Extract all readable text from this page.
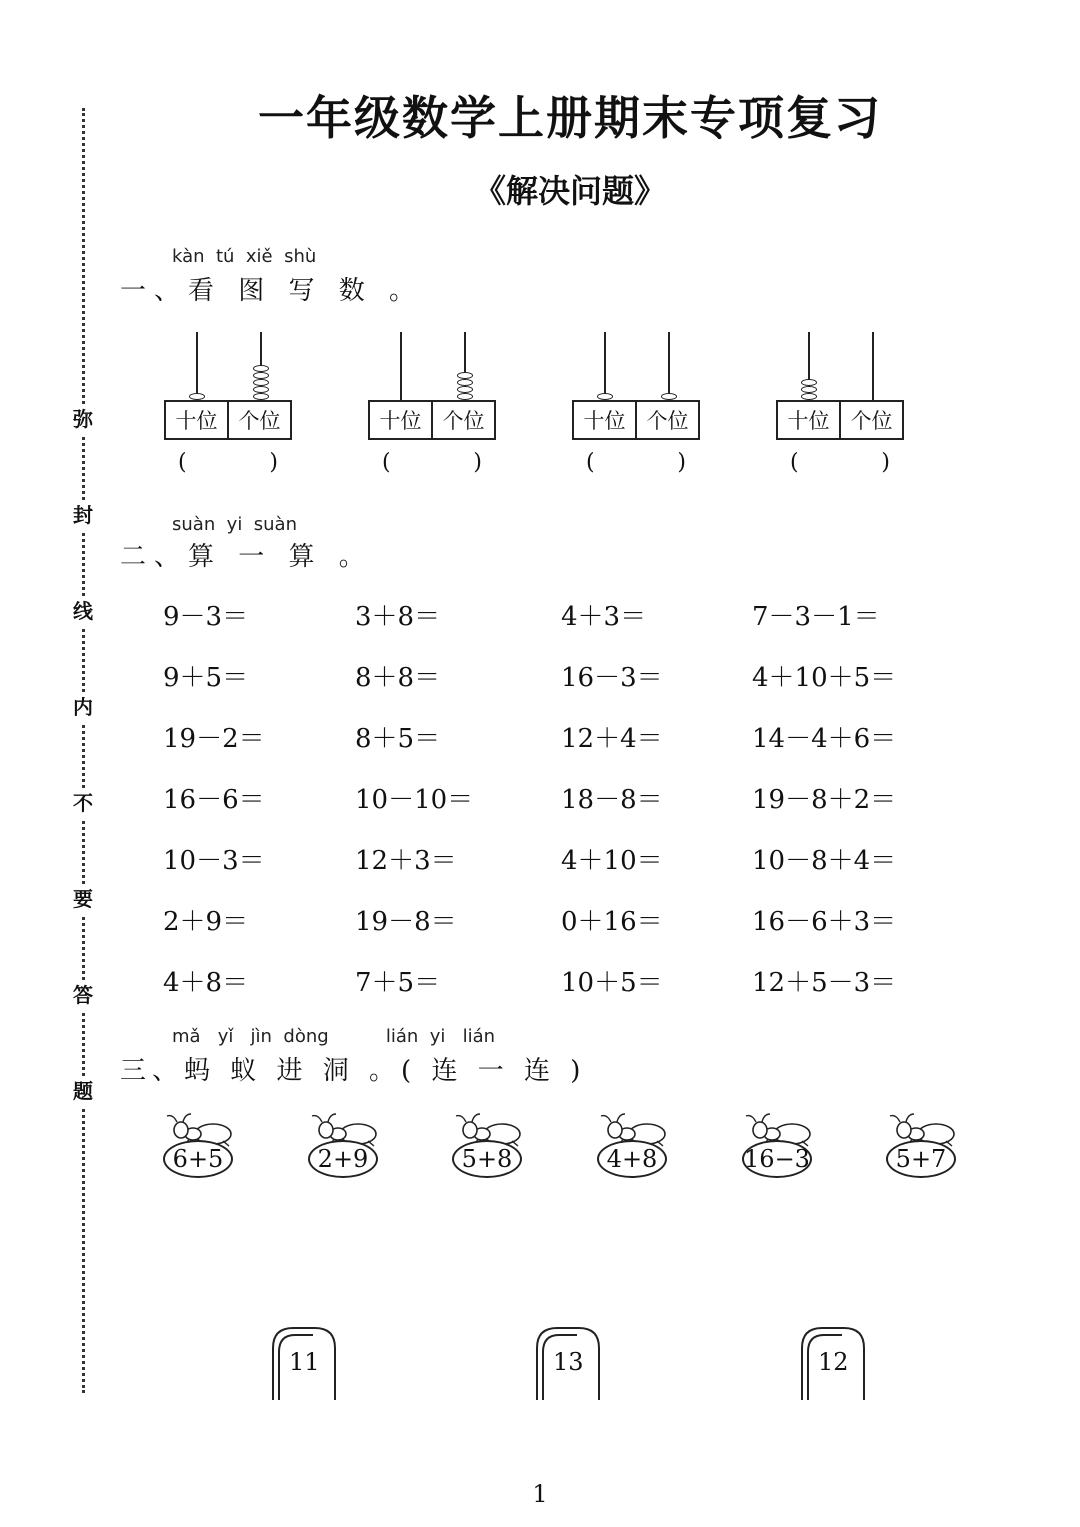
弥
封
线
内
不
要
答
题
一年级数学上册期末专项复习
《解决问题》
kàn  tú  xiě  shù
一、看 图 写 数 。
十位	个位
(	)
十位	个位
(	)
十位	个位
(	)
十位	个位
(	)
suàn  yi  suàn
二、算 一 算 。
9－3＝	3＋8＝	4＋3＝	7－3－1＝
9＋5＝	8＋8＝	16－3＝	4＋10＋5＝
19－2＝	8＋5＝	12＋4＝	14－4＋6＝
16－6＝	10－10＝	18－8＝	19－8＋2＝
10－3＝	12＋3＝	4＋10＝	10－8＋4＝
2＋9＝	19－8＝	0＋16＝	16－6＋3＝
4＋8＝	7＋5＝	10＋5＝	12＋5－3＝
mǎ   yǐ   jìn  dòng          lián  yi   lián
三、蚂 蚁 进 洞 。( 连 一 连 )
6+5	2+9	5+8	4+8	16−3	5+7
11	13	12
1
